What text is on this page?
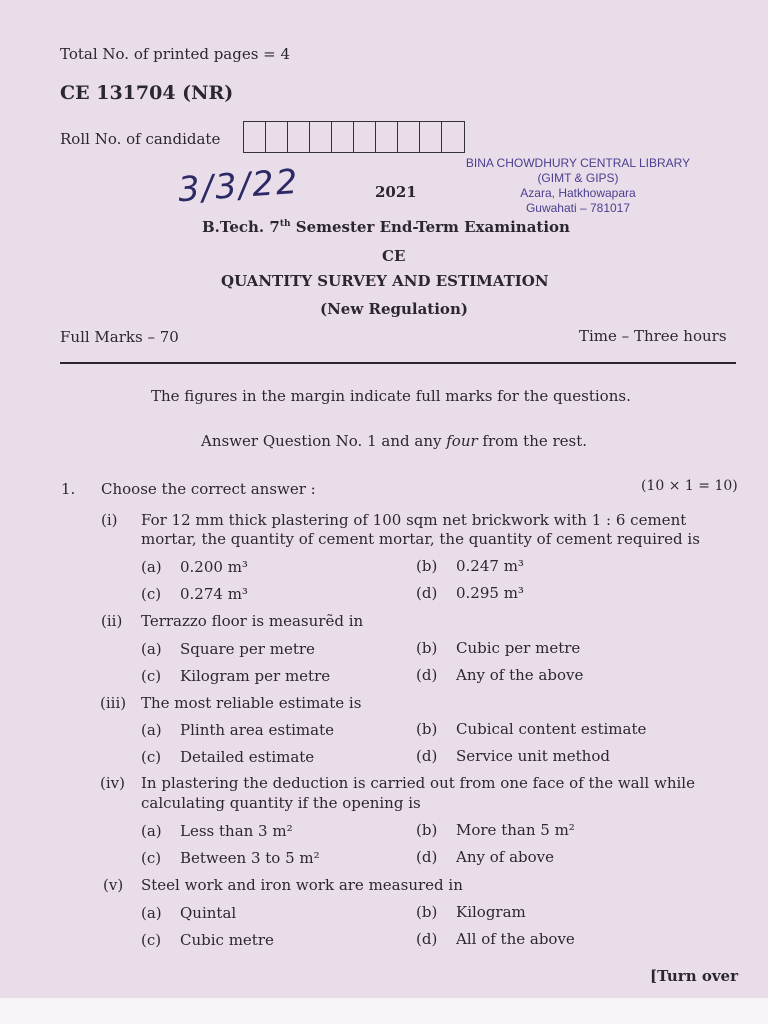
Total No. of printed pages = 4
CE 131704 (NR)
Roll No. of candidate
BINA CHOWDHURY CENTRAL LIBRARY
(GIMT & GIPS)
Azara, Hatkhowapara
Guwahati – 781017
3/3/22	2021
B.Tech. 7th Semester End-Term Examination
CE
QUANTITY SURVEY AND ESTIMATION
(New Regulation)
Full Marks – 70	Time – Three hours
The figures in the margin indicate full marks for the questions.
Answer Question No. 1 and any four from the rest.
1. Choose the correct answer :	(10 × 1 = 10)
(i) For 12 mm thick plastering of 100 sqm net brickwork with 1 : 6 cement
mortar, the quantity of cement mortar, the quantity of cement required is
(a) 0.200 m³	(b) 0.247 m³
(c) 0.274 m³	(d) 0.295 m³
(ii) Terrazzo floor is measurẽd in
(a) Square per metre	(b) Cubic per metre
(c) Kilogram per metre	(d) Any of the above
(iii) The most reliable estimate is
(a) Plinth area estimate	(b) Cubical content estimate
(c) Detailed estimate	(d) Service unit method
(iv) In plastering the deduction is carried out from one face of the wall while
calculating quantity if the opening is
(a) Less than 3 m²	(b) More than 5 m²
(c) Between 3 to 5 m²	(d) Any of above
(v) Steel work and iron work are measured in
(a) Quintal	(b) Kilogram
(c) Cubic metre	(d) All of the above
[Turn over
